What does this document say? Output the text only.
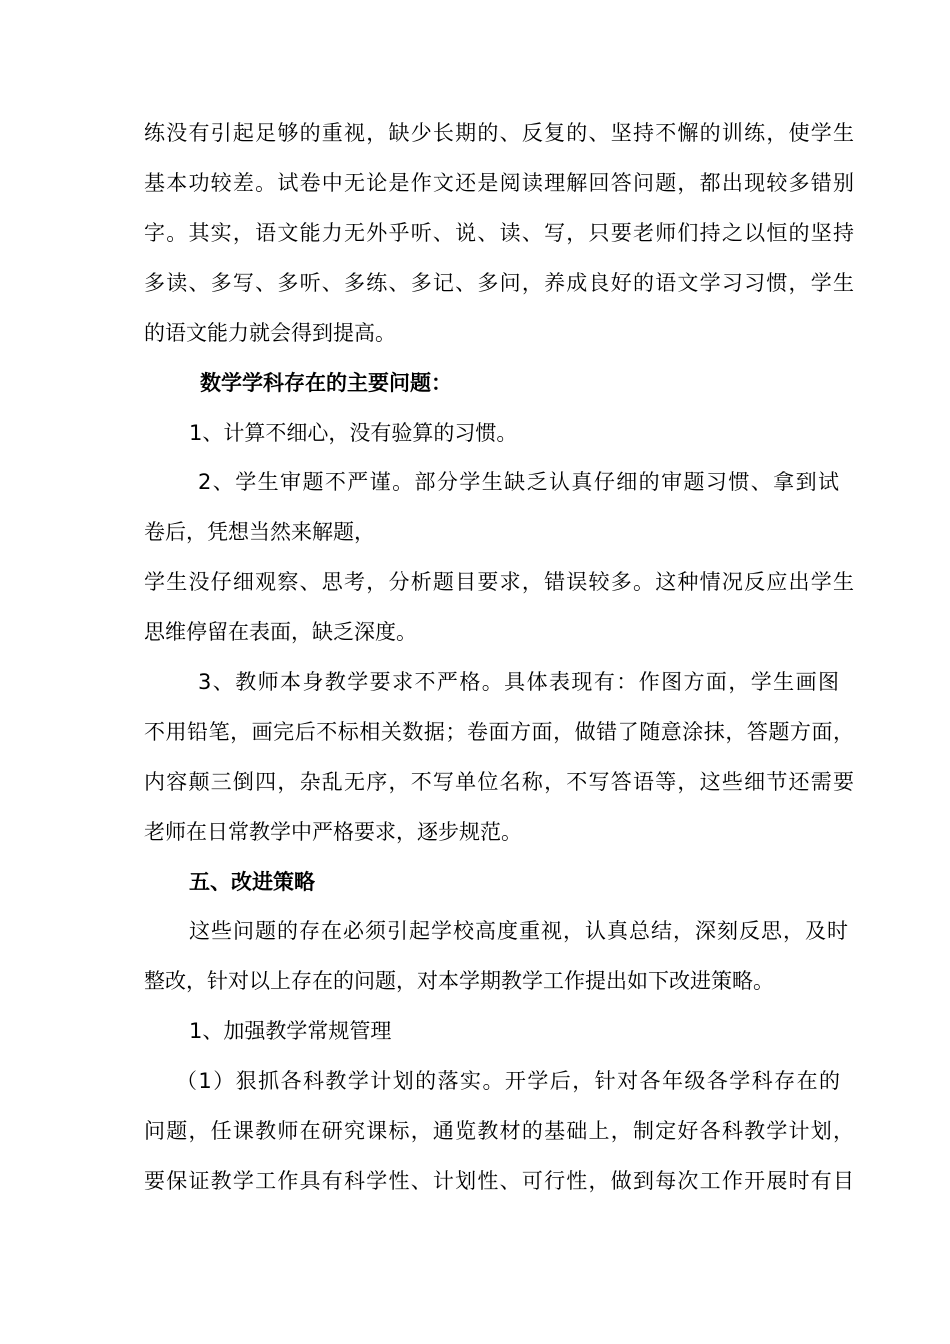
练没有引起足够的重视，缺少长期的、反复的、坚持不懈的训练，使学生
基本功较差。试卷中无论是作文还是阅读理解回答问题，都出现较多错别
字。其实，语文能力无外乎听、说、读、写，只要老师们持之以恒的坚持
多读、多写、多听、多练、多记、多问，养成良好的语文学习习惯，学生
的语文能力就会得到提高。
数学学科存在的主要问题：
1、计算不细心，没有验算的习惯。
2、学生审题不严谨。部分学生缺乏认真仔细的审题习惯、拿到试
卷后，凭想当然来解题，
学生没仔细观察、思考，分析题目要求，错误较多。这种情况反应出学生
思维停留在表面，缺乏深度。
3、教师本身教学要求不严格。具体表现有：作图方面，学生画图
不用铅笔，画完后不标相关数据；卷面方面，做错了随意涂抹，答题方面，
内容颠三倒四，杂乱无序，不写单位名称，不写答语等，这些细节还需要
老师在日常教学中严格要求，逐步规范。
五、改进策略
这些问题的存在必须引起学校高度重视，认真总结，深刻反思，及时
整改，针对以上存在的问题，对本学期教学工作提出如下改进策略。
1、加强教学常规管理
（1）狠抓各科教学计划的落实。开学后，针对各年级各学科存在的
问题，任课教师在研究课标，通览教材的基础上，制定好各科教学计划，
要保证教学工作具有科学性、计划性、可行性，做到每次工作开展时有目
